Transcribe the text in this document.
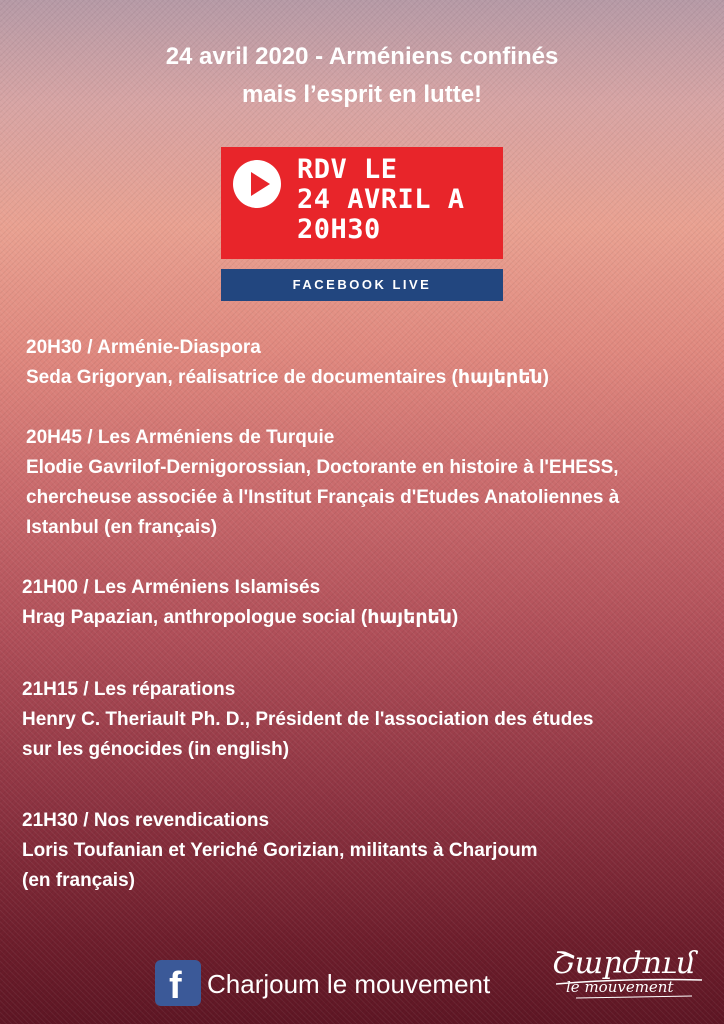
24 avril 2020 - Arméniens confinés
mais l’esprit en lutte!
RDV LE
24 AVRIL A
20H30
FACEBOOK LIVE
20H30 / Arménie-Diaspora
Seda Grigoryan, réalisatrice de documentaires (հայերեն)
20H45 / Les Arméniens de Turquie
Elodie Gavrilof-Dernigorossian, Doctorante en histoire à l'EHESS,
chercheuse associée à l'Institut Français d'Etudes Anatoliennes à
Istanbul (en français)
21H00 / Les Arméniens Islamisés
Hrag Papazian, anthropologue social (հայերեն)
21H15 / Les réparations
Henry C. Theriault Ph. D., Président de l'association des études
sur les génocides (in english)
21H30 / Nos revendications
Loris Toufanian et Yeriché Gorizian, militants à Charjoum
(en français)
f Charjoum le mouvement
Շարժում
le mouvement
